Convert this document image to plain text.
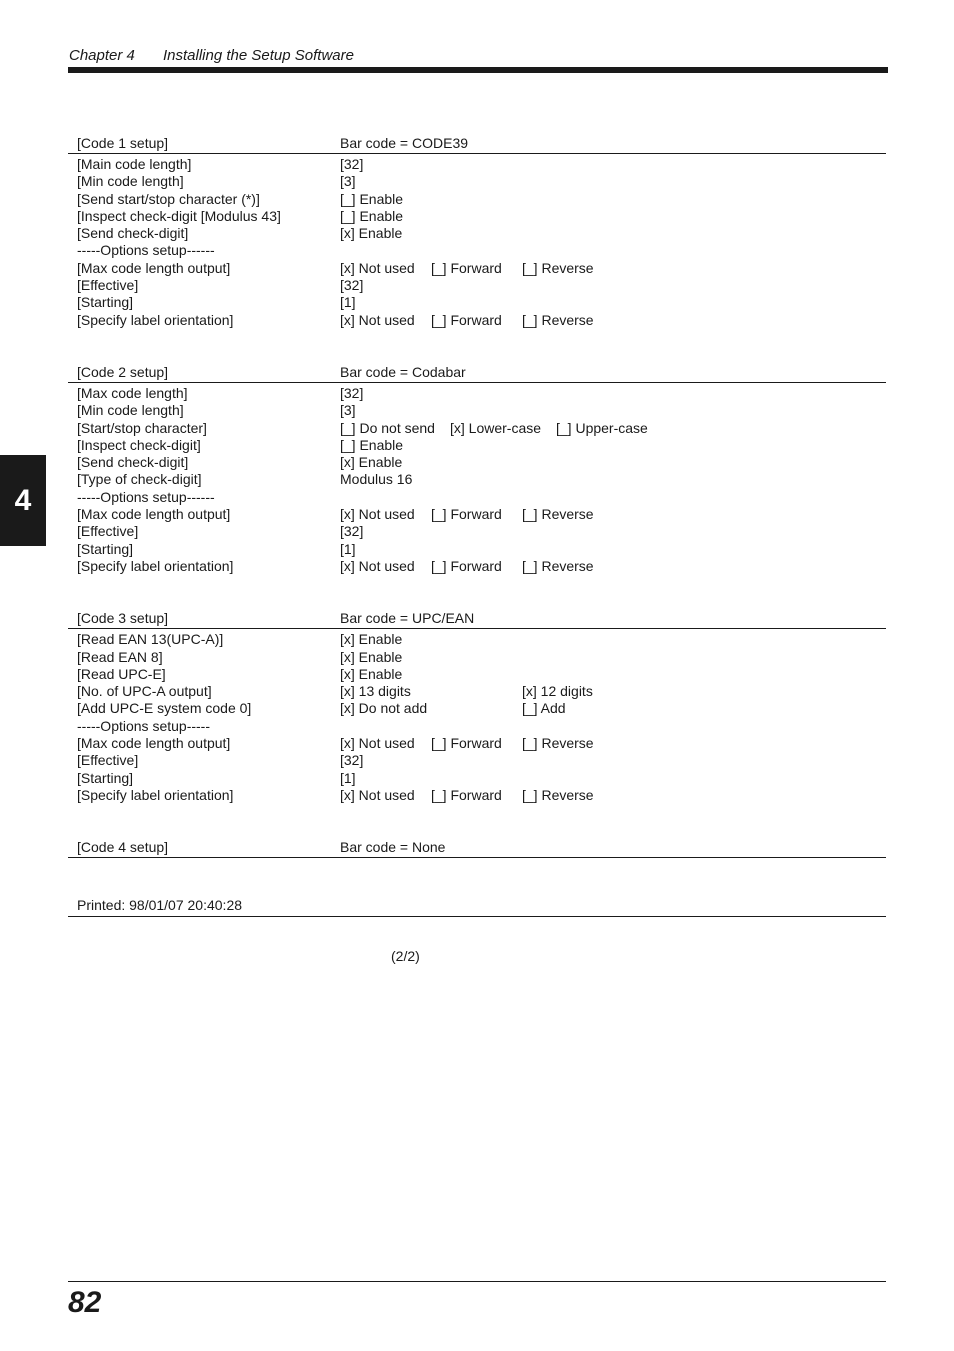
Chapter 4 Installing the Setup Software
4
[Code 1 setup]	Bar code = CODE39
[Main code length]	[32]
[Min code length]	[3]
[Send start/stop character (*)]	[_] Enable
[Inspect check-digit [Modulus 43]	[_] Enable
[Send check-digit]	[x] Enable
-----Options setup------
[Max code length output]	[x] Not used [_] Forward [_] Reverse
[Effective]	[32]
[Starting]	[1]
[Specify label orientation]	[x] Not used [_] Forward [_] Reverse
[Code 2 setup]	Bar code = Codabar
[Max code length]	[32]
[Min code length]	[3]
[Start/stop character]	[_] Do not send [x] Lower-case [_] Upper-case
[Inspect check-digit]	[_] Enable
[Send check-digit]	[x] Enable
[Type of check-digit]	Modulus 16
-----Options setup------
[Max code length output]	[x] Not used [_] Forward [_] Reverse
[Effective]	[32]
[Starting]	[1]
[Specify label orientation]	[x] Not used [_] Forward [_] Reverse
[Code 3 setup]	Bar code = UPC/EAN
[Read EAN 13(UPC-A)]	[x] Enable
[Read EAN 8]	[x] Enable
[Read UPC-E]	[x] Enable
[No. of UPC-A output]	[x] 13 digits	[x] 12 digits
[Add UPC-E system code 0]	[x] Do not add	[_] Add
-----Options setup-----
[Max code length output]	[x] Not used [_] Forward [_] Reverse
[Effective]	[32]
[Starting]	[1]
[Specify label orientation]	[x] Not used [_] Forward [_] Reverse
[Code 4 setup]	Bar code = None
Printed: 98/01/07 20:40:28
(2/2)
82
